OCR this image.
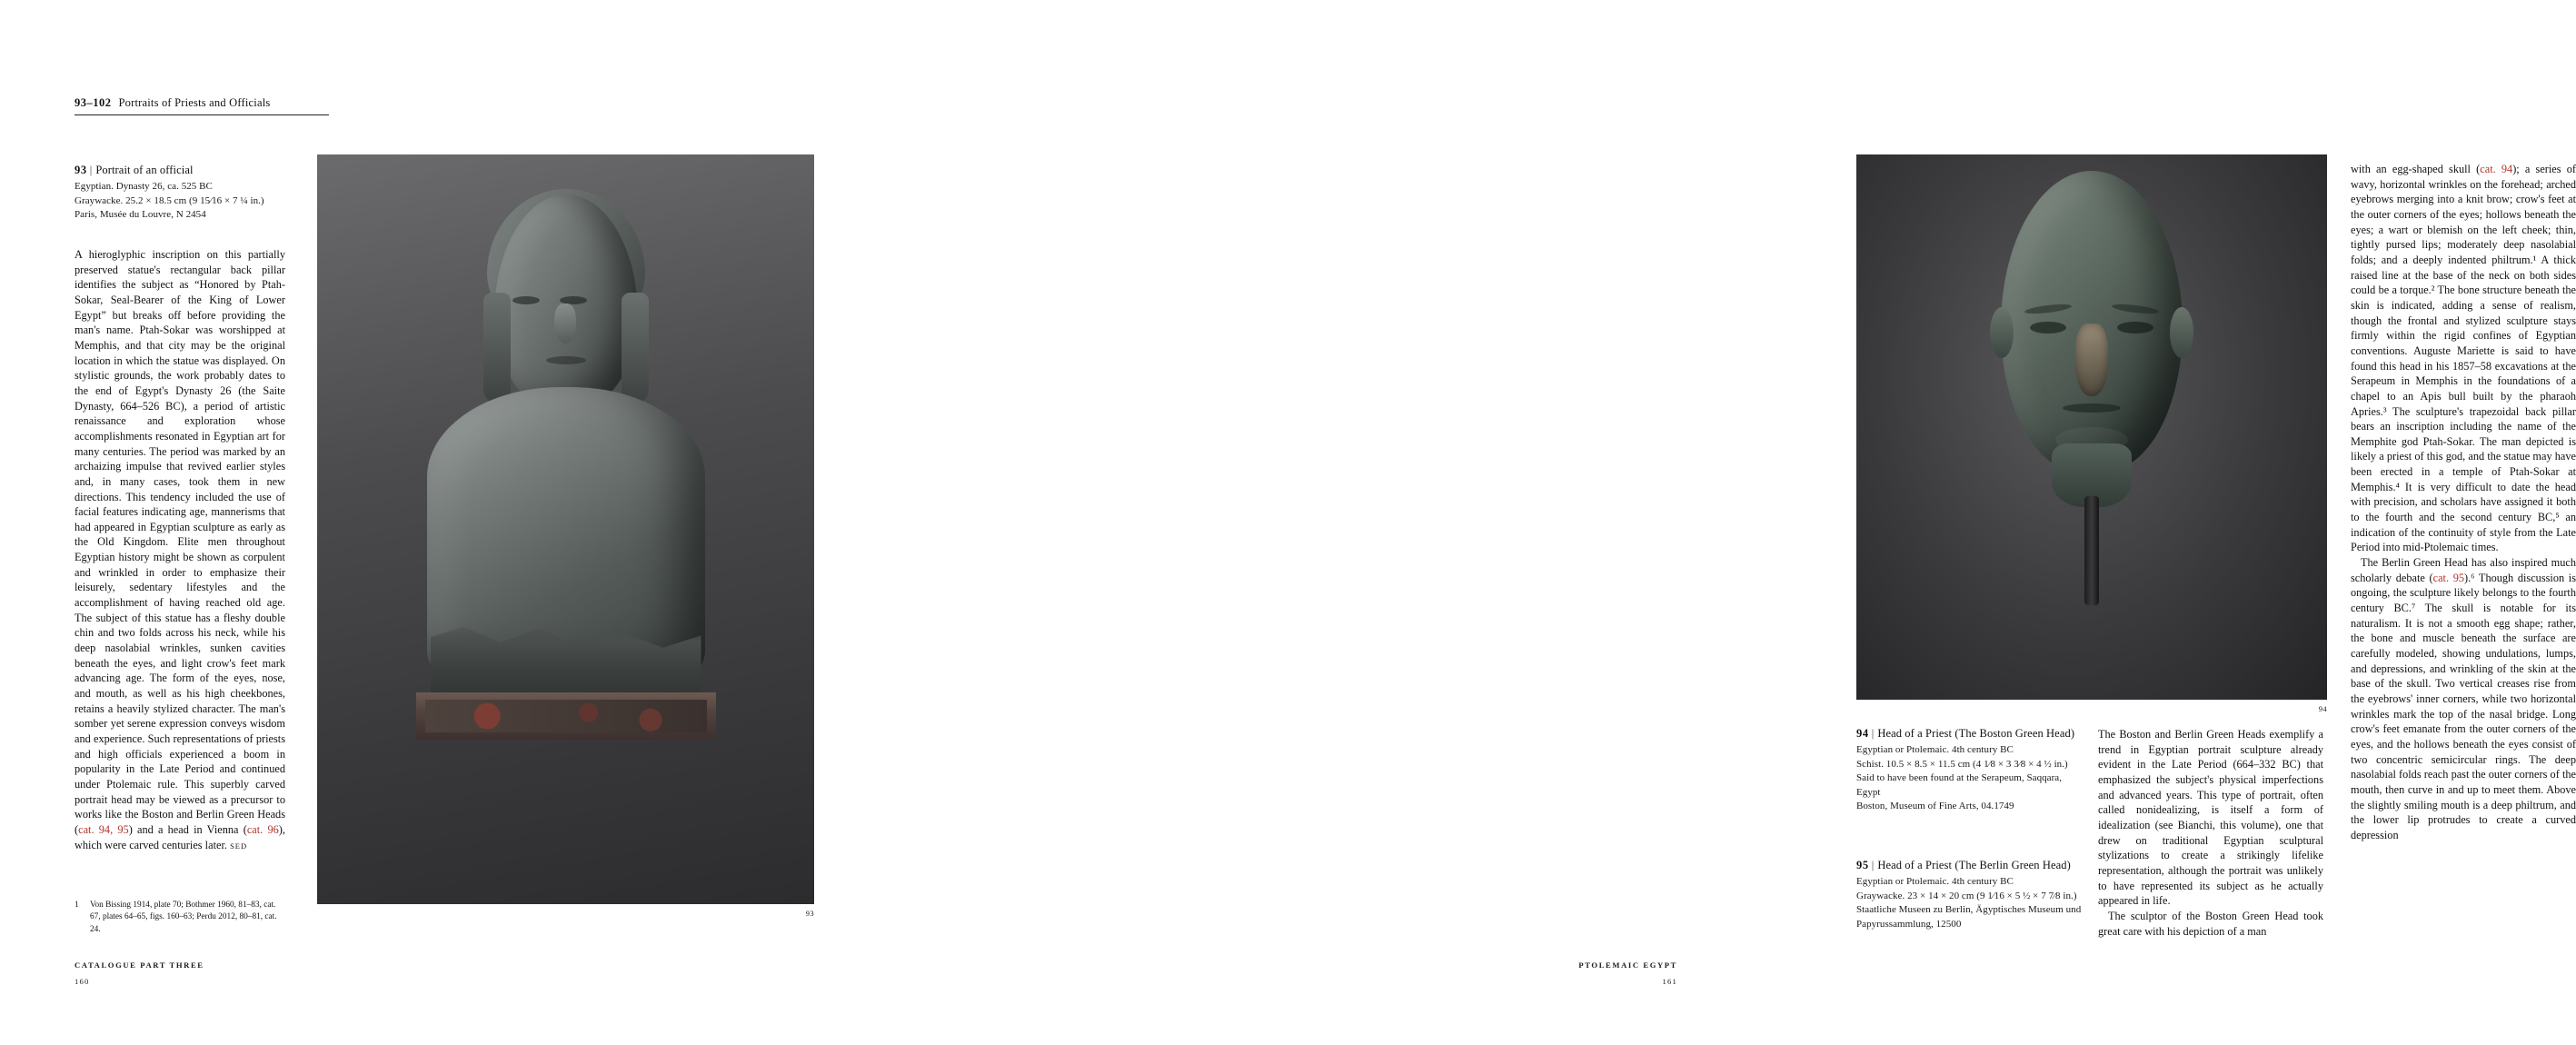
93–102 Portraits of Priests and Officials
93 | Portrait of an official
Egyptian. Dynasty 26, ca. 525 BC
Graywacke. 25.2 × 18.5 cm (9 15⁄16 × 7 ¼ in.)
Paris, Musée du Louvre, N 2454

A hieroglyphic inscription on this partially preserved statue's rectangular back pillar identifies the subject as “Honored by Ptah-Sokar, Seal-Bearer of the King of Lower Egypt” but breaks off before providing the man's name. Ptah-Sokar was worshipped at Memphis, and that city may be the original location in which the statue was displayed. On stylistic grounds, the work probably dates to the end of Egypt's Dynasty 26 (the Saite Dynasty, 664–526 BC), a period of artistic renaissance and exploration whose accomplishments resonated in Egyptian art for many centuries. The period was marked by an archaizing impulse that revived earlier styles and, in many cases, took them in new directions. This tendency included the use of facial features indicating age, mannerisms that had appeared in Egyptian sculpture as early as the Old Kingdom. Elite men throughout Egyptian history might be shown as corpulent and wrinkled in order to emphasize their leisurely, sedentary lifestyles and the accomplishment of having reached old age. The subject of this statue has a fleshy double chin and two folds across his neck, while his deep nasolabial wrinkles, sunken cavities beneath the eyes, and light crow's feet mark advancing age. The form of the eyes, nose, and mouth, as well as his high cheekbones, retains a heavily stylized character. The man's somber yet serene expression conveys wisdom and experience. Such representations of priests and high officials experienced a boom in popularity in the Late Period and continued under Ptolemaic rule. This superbly carved portrait head may be viewed as a precursor to works like the Boston and Berlin Green Heads (cat. 94, 95) and a head in Vienna (cat. 96), which were carved centuries later. SED

1 Von Bissing 1914, plate 70; Bothmer 1960, 81–83, cat. 67, plates 64–65, figs. 160–63; Perdu 2012, 80–81, cat. 24.
93
CATALOGUE PART THREE
160
94
94 | Head of a Priest (The Boston Green Head)
Egyptian or Ptolemaic. 4th century BC
Schist. 10.5 × 8.5 × 11.5 cm (4 1⁄8 × 3 3⁄8 × 4 ½ in.)
Said to have been found at the Serapeum, Saqqara, Egypt
Boston, Museum of Fine Arts, 04.1749
95 | Head of a Priest (The Berlin Green Head)
Egyptian or Ptolemaic. 4th century BC
Graywacke. 23 × 14 × 20 cm (9 1⁄16 × 5 ½ × 7 7⁄8 in.)
Staatliche Museen zu Berlin, Ägyptisches Museum und Papyrussammlung, 12500

The Boston and Berlin Green Heads exemplify a trend in Egyptian portrait sculpture already evident in the Late Period (664–332 BC) that emphasized the subject's physical imperfections and advanced years. This type of portrait, often called nonidealizing, is itself a form of idealization (see Bianchi, this volume), one that drew on traditional Egyptian sculptural stylizations to create a strikingly lifelike representation, although the portrait was unlikely to have represented its subject as he actually appeared in life.

The sculptor of the Boston Green Head took great care with his depiction of a man

with an egg-shaped skull (cat. 94); a series of wavy, horizontal wrinkles on the forehead; arched eyebrows merging into a knit brow; crow's feet at the outer corners of the eyes; hollows beneath the eyes; a wart or blemish on the left cheek; thin, tightly pursed lips; moderately deep nasolabial folds; and a deeply indented philtrum.¹ A thick raised line at the base of the neck on both sides could be a torque.² The bone structure beneath the skin is indicated, adding a sense of realism, though the frontal and stylized sculpture stays firmly within the rigid confines of Egyptian conventions. Auguste Mariette is said to have found this head in his 1857–58 excavations at the Serapeum in Memphis in the foundations of a chapel to an Apis bull built by the pharaoh Apries.³ The sculpture's trapezoidal back pillar bears an inscription including the name of the Memphite god Ptah-Sokar. The man depicted is likely a priest of this god, and the statue may have been erected in a temple of Ptah-Sokar at Memphis.⁴ It is very difficult to date the head with precision, and scholars have assigned it both to the fourth and the second century BC,⁵ an indication of the continuity of style from the Late Period into mid-Ptolemaic times.

The Berlin Green Head has also inspired much scholarly debate (cat. 95).⁶ Though discussion is ongoing, the sculpture likely belongs to the fourth century BC.⁷ The skull is notable for its naturalism. It is not a smooth egg shape; rather, the bone and muscle beneath the surface are carefully modeled, showing undulations, lumps, and depressions, and wrinkling of the skin at the base of the skull. Two vertical creases rise from the eyebrows' inner corners, while two horizontal wrinkles mark the top of the nasal bridge. Long crow's feet emanate from the outer corners of the eyes, and the hollows beneath the eyes consist of two concentric semicircular rings. The deep nasolabial folds reach past the outer corners of the mouth, then curve in and up to meet them. Above the slightly smiling mouth is a deep philtrum, and the lower lip protrudes to create a curved depression

PTOLEMAIC EGYPT
161
